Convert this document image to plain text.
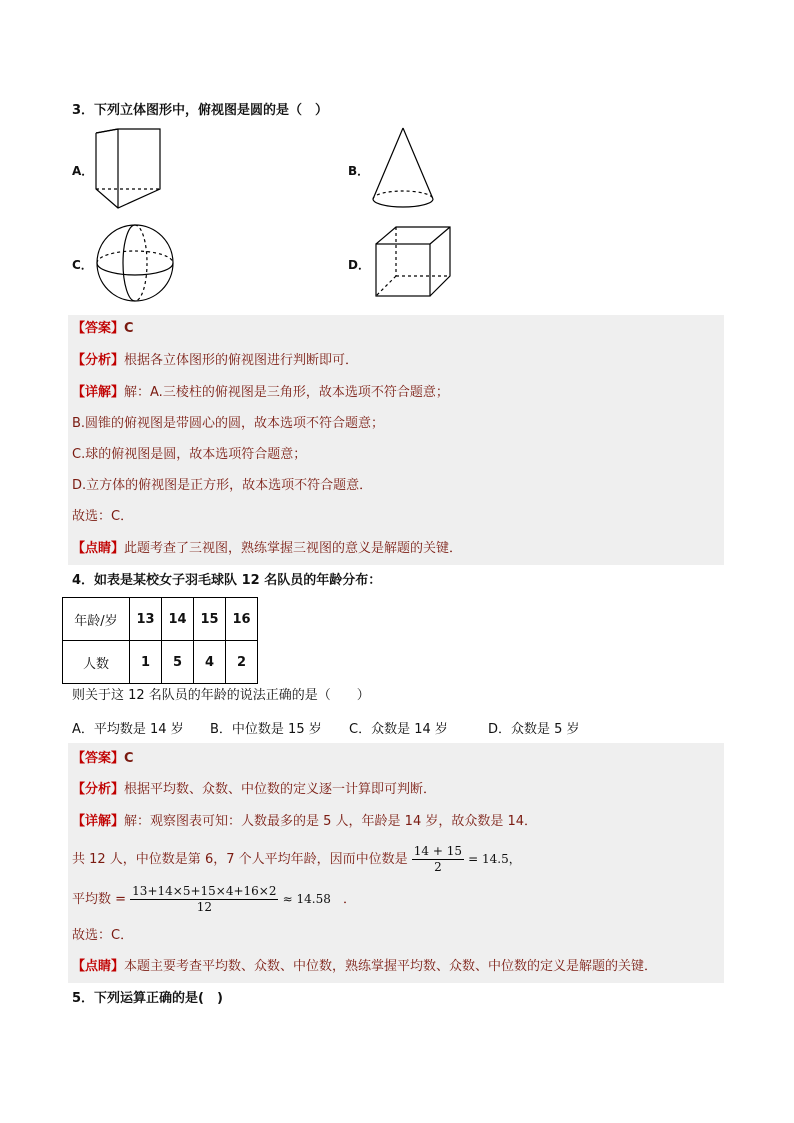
3．下列立体图形中，俯视图是圆的是（　）
A．	B．
C．	D．
【答案】C
【分析】根据各立体图形的俯视图进行判断即可．
【详解】解：A.三棱柱的俯视图是三角形，故本选项不符合题意；
B.圆锥的俯视图是带圆心的圆，故本选项不符合题意；
C.球的俯视图是圆，故本选项符合题意；
D.立方体的俯视图是正方形，故本选项不符合题意．
故选：C．
【点睛】此题考查了三视图，熟练掌握三视图的意义是解题的关键．
4．如表是某校女子羽毛球队 12 名队员的年龄分布：
年龄/岁	13	14	15	16
人数	1	5	4	2
则关于这 12 名队员的年龄的说法正确的是（　　）
A．平均数是 14 岁 B．中位数是 15 岁 C．众数是 14 岁	D．众数是 5 岁
【答案】C
【分析】根据平均数、众数、中位数的定义逐一计算即可判断．
【详解】解：观察图表可知：人数最多的是 5 人，年龄是 14 岁，故众数是 14．
共 12 人，中位数是第 6，7 个人平均年龄，因而中位数是 $\frac{14 + 15}{2} = 14.5$，
平均数 = $\frac{13+14\times 5+15\times 4+16\times 2}{12} \approx 14.58$ ．
故选：C．
【点睛】本题主要考查平均数、众数、中位数，熟练掌握平均数、众数、中位数的定义是解题的关键．
5．下列运算正确的是(　)
